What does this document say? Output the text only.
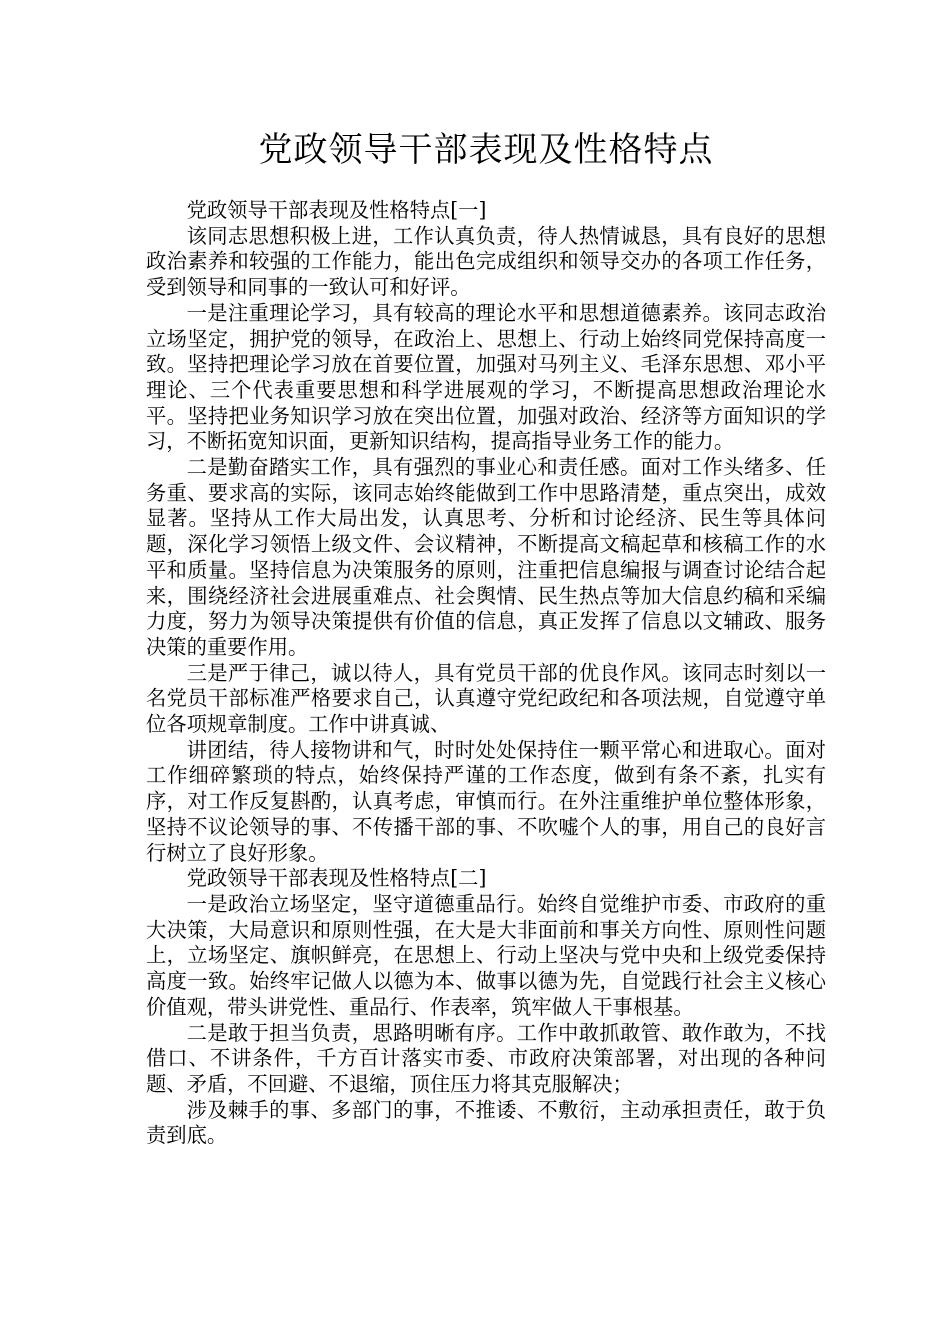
党政领导干部表现及性格特点

党政领导干部表现及性格特点[一]

该同志思想积极上进，工作认真负责，待人热情诚恳，具有良好的思想政治素养和较强的工作能力，能出色完成组织和领导交办的各项工作任务，受到领导和同事的一致认可和好评。

一是注重理论学习，具有较高的理论水平和思想道德素养。该同志政治立场坚定，拥护党的领导，在政治上、思想上、行动上始终同党保持高度一致。坚持把理论学习放在首要位置，加强对马列主义、毛泽东思想、邓小平理论、三个代表重要思想和科学进展观的学习，不断提高思想政治理论水平。坚持把业务知识学习放在突出位置，加强对政治、经济等方面知识的学习，不断拓宽知识面，更新知识结构，提高指导业务工作的能力。

二是勤奋踏实工作，具有强烈的事业心和责任感。面对工作头绪多、任务重、要求高的实际，该同志始终能做到工作中思路清楚，重点突出，成效显著。坚持从工作大局出发，认真思考、分析和讨论经济、民生等具体问题，深化学习领悟上级文件、会议精神，不断提高文稿起草和核稿工作的水平和质量。坚持信息为决策服务的原则，注重把信息编报与调查讨论结合起来，围绕经济社会进展重难点、社会舆情、民生热点等加大信息约稿和采编力度，努力为领导决策提供有价值的信息，真正发挥了信息以文辅政、服务决策的重要作用。

三是严于律己，诚以待人，具有党员干部的优良作风。该同志时刻以一名党员干部标准严格要求自己，认真遵守党纪政纪和各项法规，自觉遵守单位各项规章制度。工作中讲真诚、

讲团结，待人接物讲和气，时时处处保持住一颗平常心和进取心。面对工作细碎繁琐的特点，始终保持严谨的工作态度，做到有条不紊，扎实有序，对工作反复斟酌，认真考虑，审慎而行。在外注重维护单位整体形象，坚持不议论领导的事、不传播干部的事、不吹嘘个人的事，用自己的良好言行树立了良好形象。

党政领导干部表现及性格特点[二]

一是政治立场坚定，坚守道德重品行。始终自觉维护市委、市政府的重大决策，大局意识和原则性强，在大是大非面前和事关方向性、原则性问题上，立场坚定、旗帜鲜亮，在思想上、行动上坚决与党中央和上级党委保持高度一致。始终牢记做人以德为本、做事以德为先，自觉践行社会主义核心价值观，带头讲党性、重品行、作表率，筑牢做人干事根基。

二是敢于担当负责，思路明晰有序。工作中敢抓敢管、敢作敢为，不找借口、不讲条件，千方百计落实市委、市政府决策部署，对出现的各种问题、矛盾，不回避、不退缩，顶住压力将其克服解决；

涉及棘手的事、多部门的事，不推诿、不敷衍，主动承担责任，敢于负责到底。
